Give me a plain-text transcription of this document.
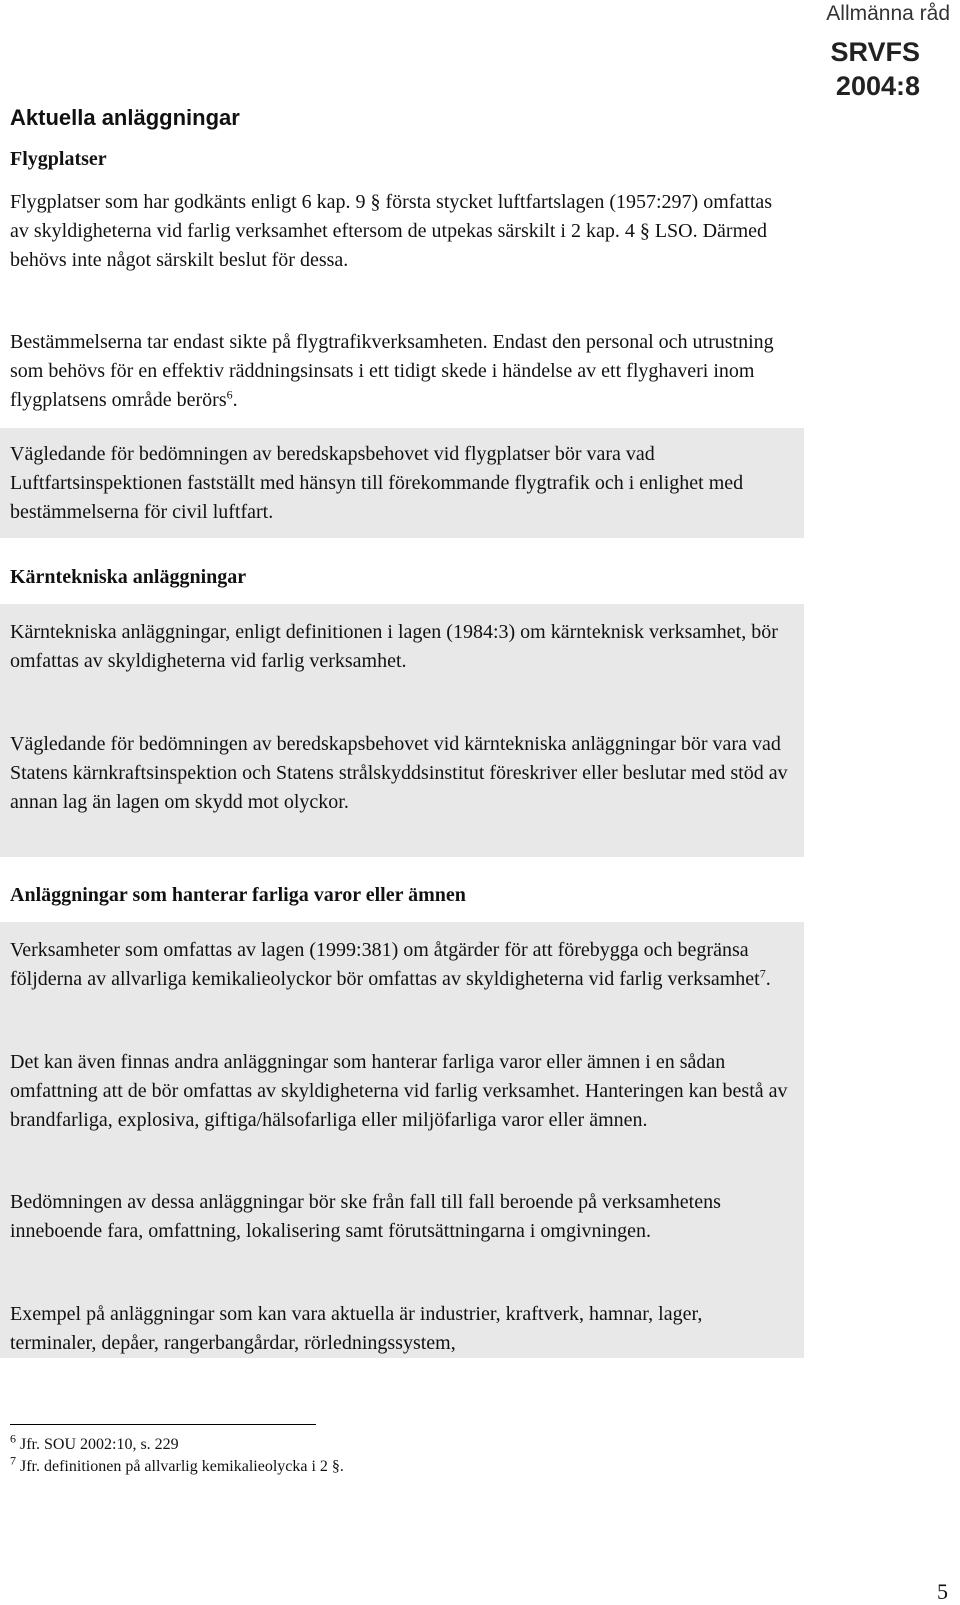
Allmänna råd
SRVFS
2004:8
Aktuella anläggningar
Flygplatser
Flygplatser som har godkänts enligt 6 kap. 9 § första stycket luftfartslagen (1957:297) omfattas av skyldigheterna vid farlig verksamhet eftersom de utpekas särskilt i 2 kap. 4 § LSO. Därmed behövs inte något särskilt beslut för dessa.
Bestämmelserna tar endast sikte på flygtrafikverksamheten. Endast den personal och utrustning som behövs för en effektiv räddningsinsats i ett tidigt skede i händelse av ett flyghaveri inom flygplatsens område berörs$^6$.
Vägledande för bedömningen av beredskapsbehovet vid flygplatser bör vara vad Luftfartsinspektionen fastställt med hänsyn till förekommande flygtrafik och i enlighet med bestämmelserna för civil luftfart.
Kärntekniska anläggningar
Kärntekniska anläggningar, enligt definitionen i lagen (1984:3) om kärnteknisk verksamhet, bör omfattas av skyldigheterna vid farlig verksamhet.
Vägledande för bedömningen av beredskapsbehovet vid kärntekniska anläggningar bör vara vad Statens kärnkraftsinspektion och Statens strålskyddsinstitut föreskriver eller beslutar med stöd av annan lag än lagen om skydd mot olyckor.
Anläggningar som hanterar farliga varor eller ämnen
Verksamheter som omfattas av lagen (1999:381) om åtgärder för att förebygga och begränsa följderna av allvarliga kemikalieolyckor bör omfattas av skyldigheterna vid farlig verksamhet$^7$.
Det kan även finnas andra anläggningar som hanterar farliga varor eller ämnen i en sådan omfattning att de bör omfattas av skyldigheterna vid farlig verksamhet. Hanteringen kan bestå av brandfarliga, explosiva, giftiga/hälsofarliga eller miljöfarliga varor eller ämnen.
Bedömningen av dessa anläggningar bör ske från fall till fall beroende på verksamhetens inneboende fara, omfattning, lokalisering samt förutsättningarna i omgivningen.
Exempel på anläggningar som kan vara aktuella är industrier, kraftverk, hamnar, lager, terminaler, depåer, rangerbangårdar, rörledningssystem,
$^6$ Jfr. SOU 2002:10, s. 229
$^7$ Jfr. definitionen på allvarlig kemikalieolycka i 2 §.
5
